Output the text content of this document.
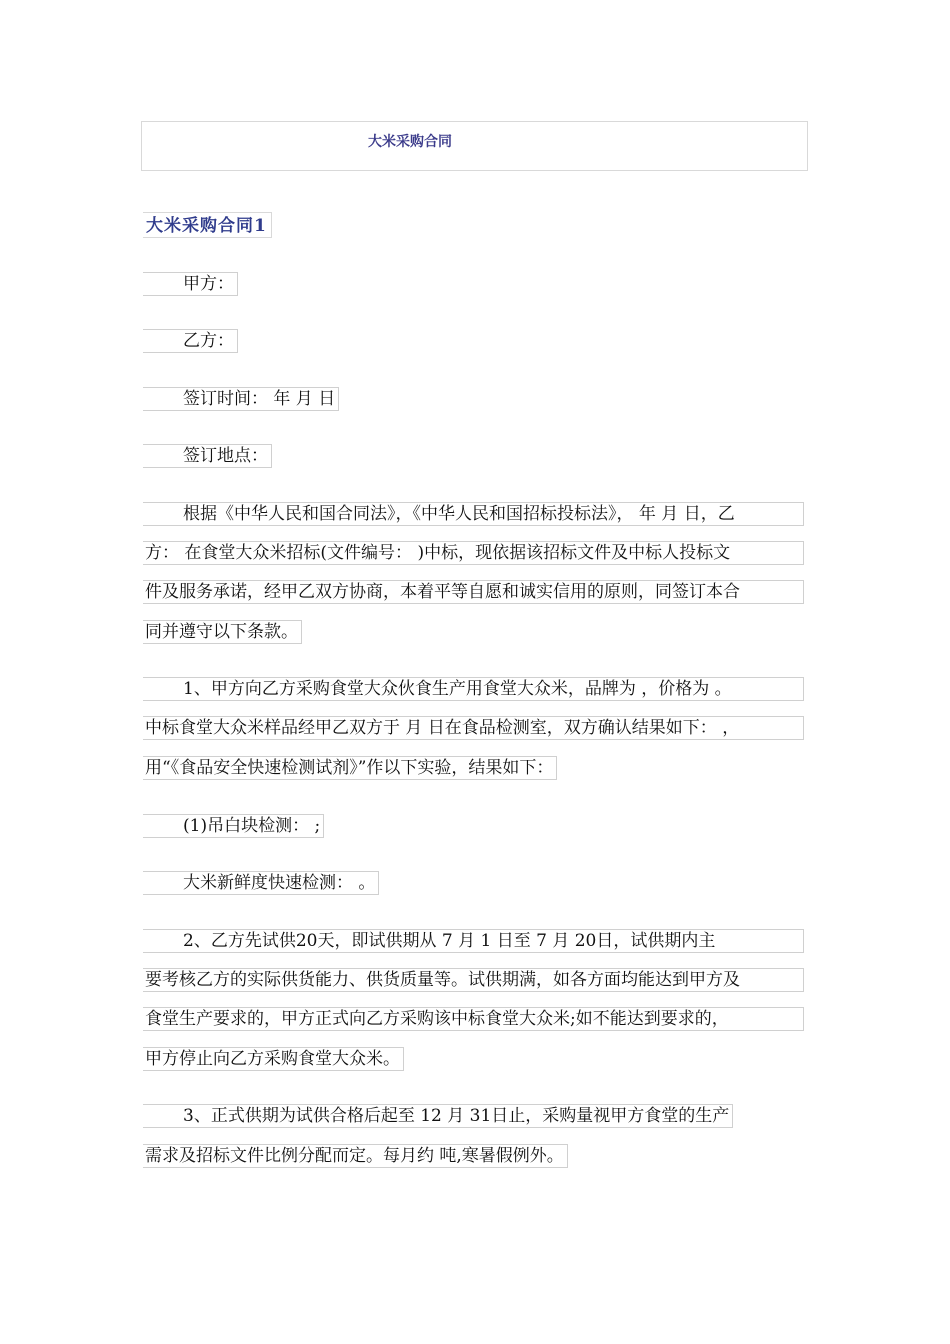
大米采购合同
大米采购合同1
甲方：
乙方：
签订时间： 年 月 日
签订地点：
根据《中华人民和国合同法》，《中华人民和国招标投标法》， 年 月 日，乙
方： 在食堂大众米招标(文件编号： )中标，现依据该招标文件及中标人投标文
件及服务承诺，经甲乙双方协商，本着平等自愿和诚实信用的原则，同签订本合
同并遵守以下条款。
1、甲方向乙方采购食堂大众伙食生产用食堂大众米，品牌为 ，价格为 。
中标食堂大众米样品经甲乙双方于 月 日在食品检测室，双方确认结果如下： ，
用“《食品安全快速检测试剂》”作以下实验，结果如下：
(1)吊白块检测： ;
大米新鲜度快速检测： 。
2、乙方先试供20天，即试供期从 7 月 1 日至 7 月 20日，试供期内主
要考核乙方的实际供货能力、供货质量等。试供期满，如各方面均能达到甲方及
食堂生产要求的，甲方正式向乙方采购该中标食堂大众米;如不能达到要求的，
甲方停止向乙方采购食堂大众米。
3、正式供期为试供合格后起至 12 月 31日止，采购量视甲方食堂的生产
需求及招标文件比例分配而定。每月约 吨,寒暑假例外。
